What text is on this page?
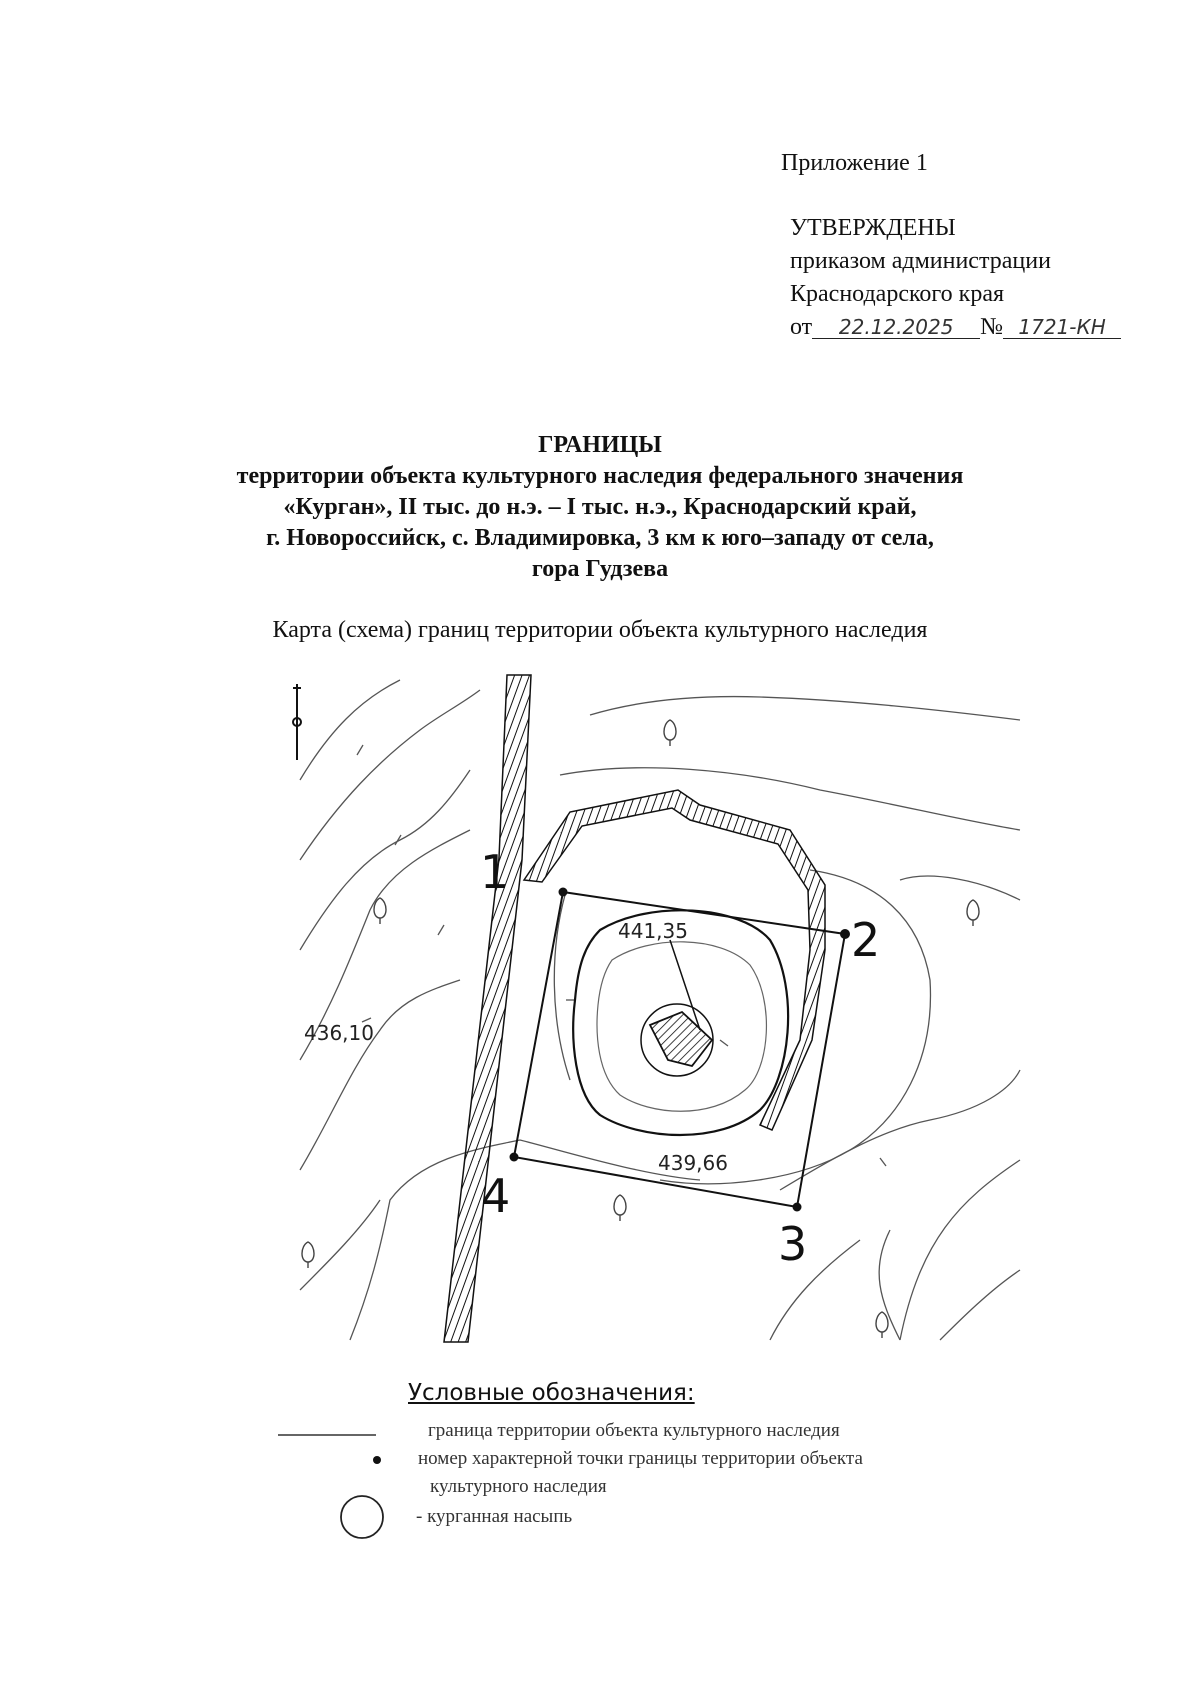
Приложение 1
УТВЕРЖДЕНЫ
приказом администрации
Краснодарского края
от 22.12.2025 № 1721-КН
ГРАНИЦЫ
территории объекта культурного наследия федерального значения
«Курган», II тыс. до н.э. – I тыс. н.э., Краснодарский край,
г. Новороссийск, с. Владимировка, 3 км к юго–западу от села,
гора Гудзева
Карта (схема) границ территории объекта культурного наследия
1
2
3
4
441,35
436,10
439,66
Условные обозначения:
граница территории объекта культурного наследия
номер характерной точки границы территории объекта
культурного наследия
- курганная насыпь
